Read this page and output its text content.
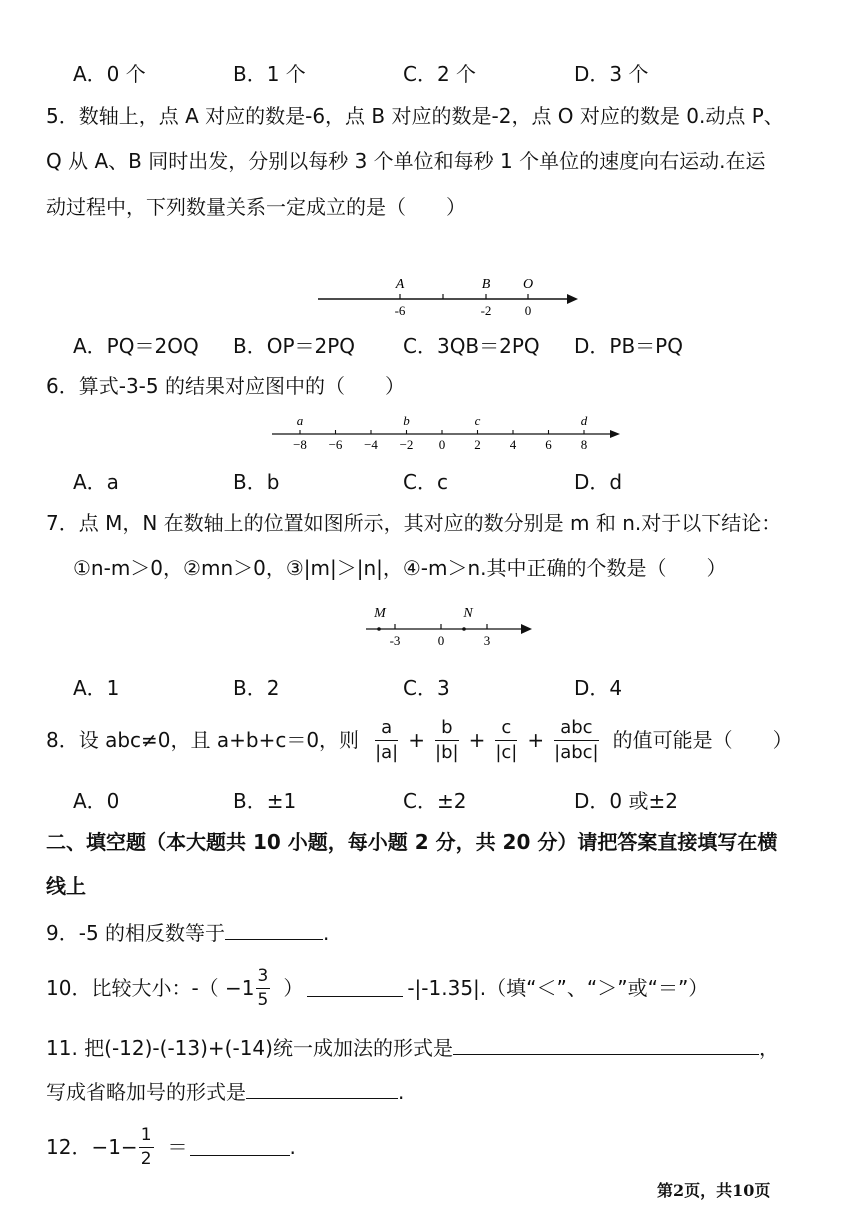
A．0 个	B．1 个	C．2 个	D．3 个
5．数轴上，点 A 对应的数是-6，点 B 对应的数是-2，点 O 对应的数是 0.动点 P、
Q 从 A、B 同时出发，分别以每秒 3 个单位和每秒 1 个单位的速度向右运动.在运
动过程中，下列数量关系一定成立的是（　　）
A	B O
-6	-2	0
A．PQ＝2OQ B．OP＝2PQ C．3QB＝2PQ D．PB＝PQ
6．算式-3-5 的结果对应图中的（　　）
−8 −6 −4 −2 0 2 4 6 8
a	b	c	d
A．a	B．b	C．c	D．d
7．点 M，N 在数轴上的位置如图所示，其对应的数分别是 m 和 n.对于以下结论：
①n-m＞0，②mn＞0，③|m|＞|n|，④-m＞n.其中正确的个数是（　　）
M	N
-3	0	3
A．1	B．2	C．3	D．4
8．设 abc≠0，且 a+b+c＝0，则 $\frac{a}{|a|} + \frac{b}{|b|} + \frac{c}{|c|} + \frac{\text{abc}}{\text{|abc|}}$ 的值可能是（　　）
A．0	B．±1	C．±2	D．0 或±2
二、填空题（本大题共 10 小题，每小题 2 分，共 20 分）请把答案直接填写在横
线上
9．-5 的相反数等于	.
10．比较大小：-（ $-1 \frac{3}{5}$ ）	-|-1.35|.（填“＜”、“＞”或“＝”）
11. 把(-12)-(-13)+(-14)统一成加法的形式是	，
写成省略加号的形式是	.
12．$-1- \frac{1}{2}$ ＝	.
第2页，共10页
